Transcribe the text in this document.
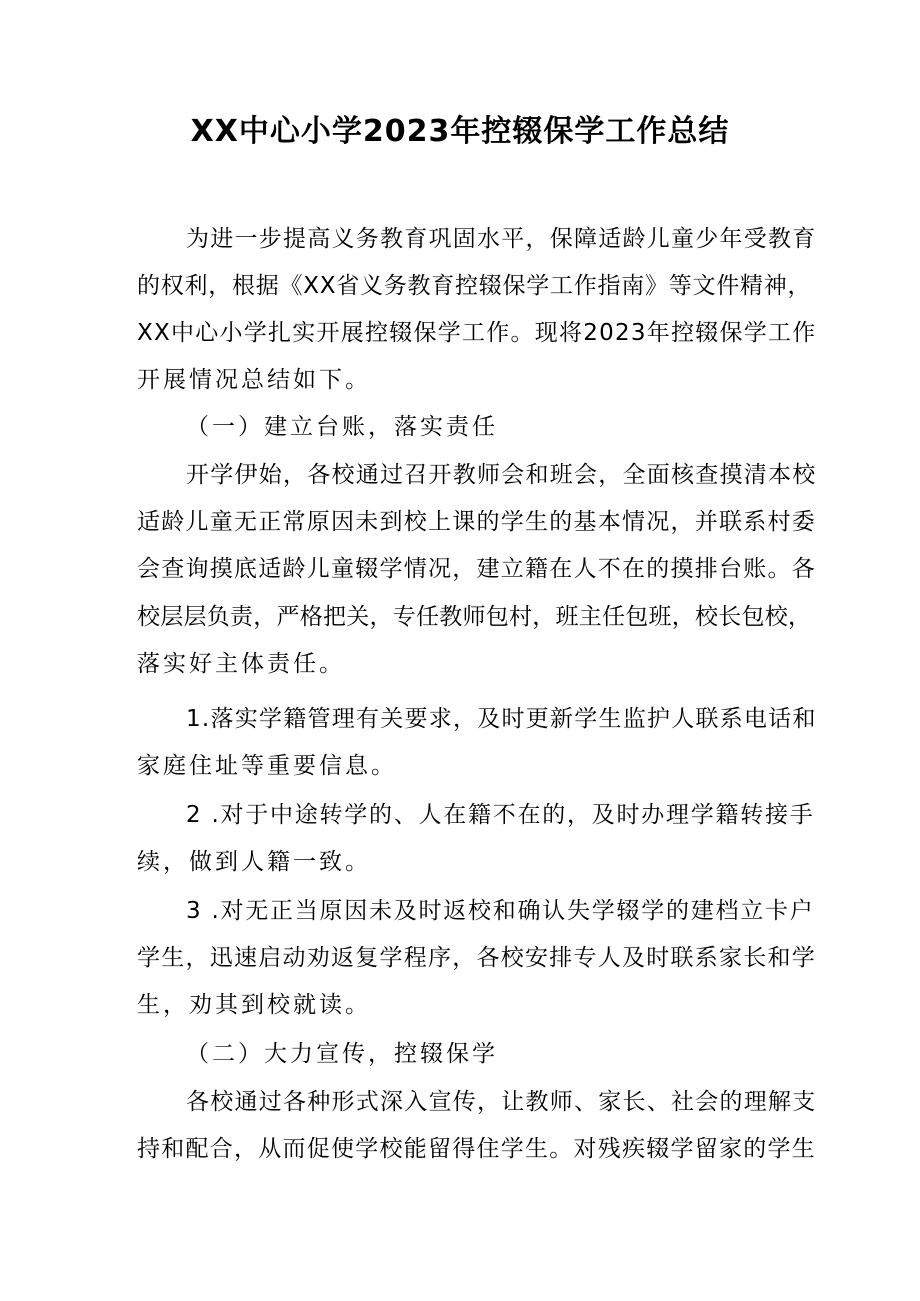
XX中心小学2023年控辍保学工作总结
为进一步提高义务教育巩固水平，保障适龄儿童少年受教育
的权利，根据《XX省义务教育控辍保学工作指南》等文件精神，
XX中心小学扎实开展控辍保学工作。现将2023年控辍保学工作
开展情况总结如下。
（一）建立台账，落实责任
开学伊始，各校通过召开教师会和班会，全面核查摸清本校
适龄儿童无正常原因未到校上课的学生的基本情况，并联系村委
会查询摸底适龄儿童辍学情况，建立籍在人不在的摸排台账。各
校层层负责，严格把关，专任教师包村，班主任包班，校长包校，
落实好主体责任。
1.落实学籍管理有关要求，及时更新学生监护人联系电话和
家庭住址等重要信息。
2 .对于中途转学的、人在籍不在的，及时办理学籍转接手
续，做到人籍一致。
3 .对无正当原因未及时返校和确认失学辍学的建档立卡户
学生，迅速启动劝返复学程序，各校安排专人及时联系家长和学
生，劝其到校就读。
（二）大力宣传，控辍保学
各校通过各种形式深入宣传，让教师、家长、社会的理解支
持和配合，从而促使学校能留得住学生。对残疾辍学留家的学生
